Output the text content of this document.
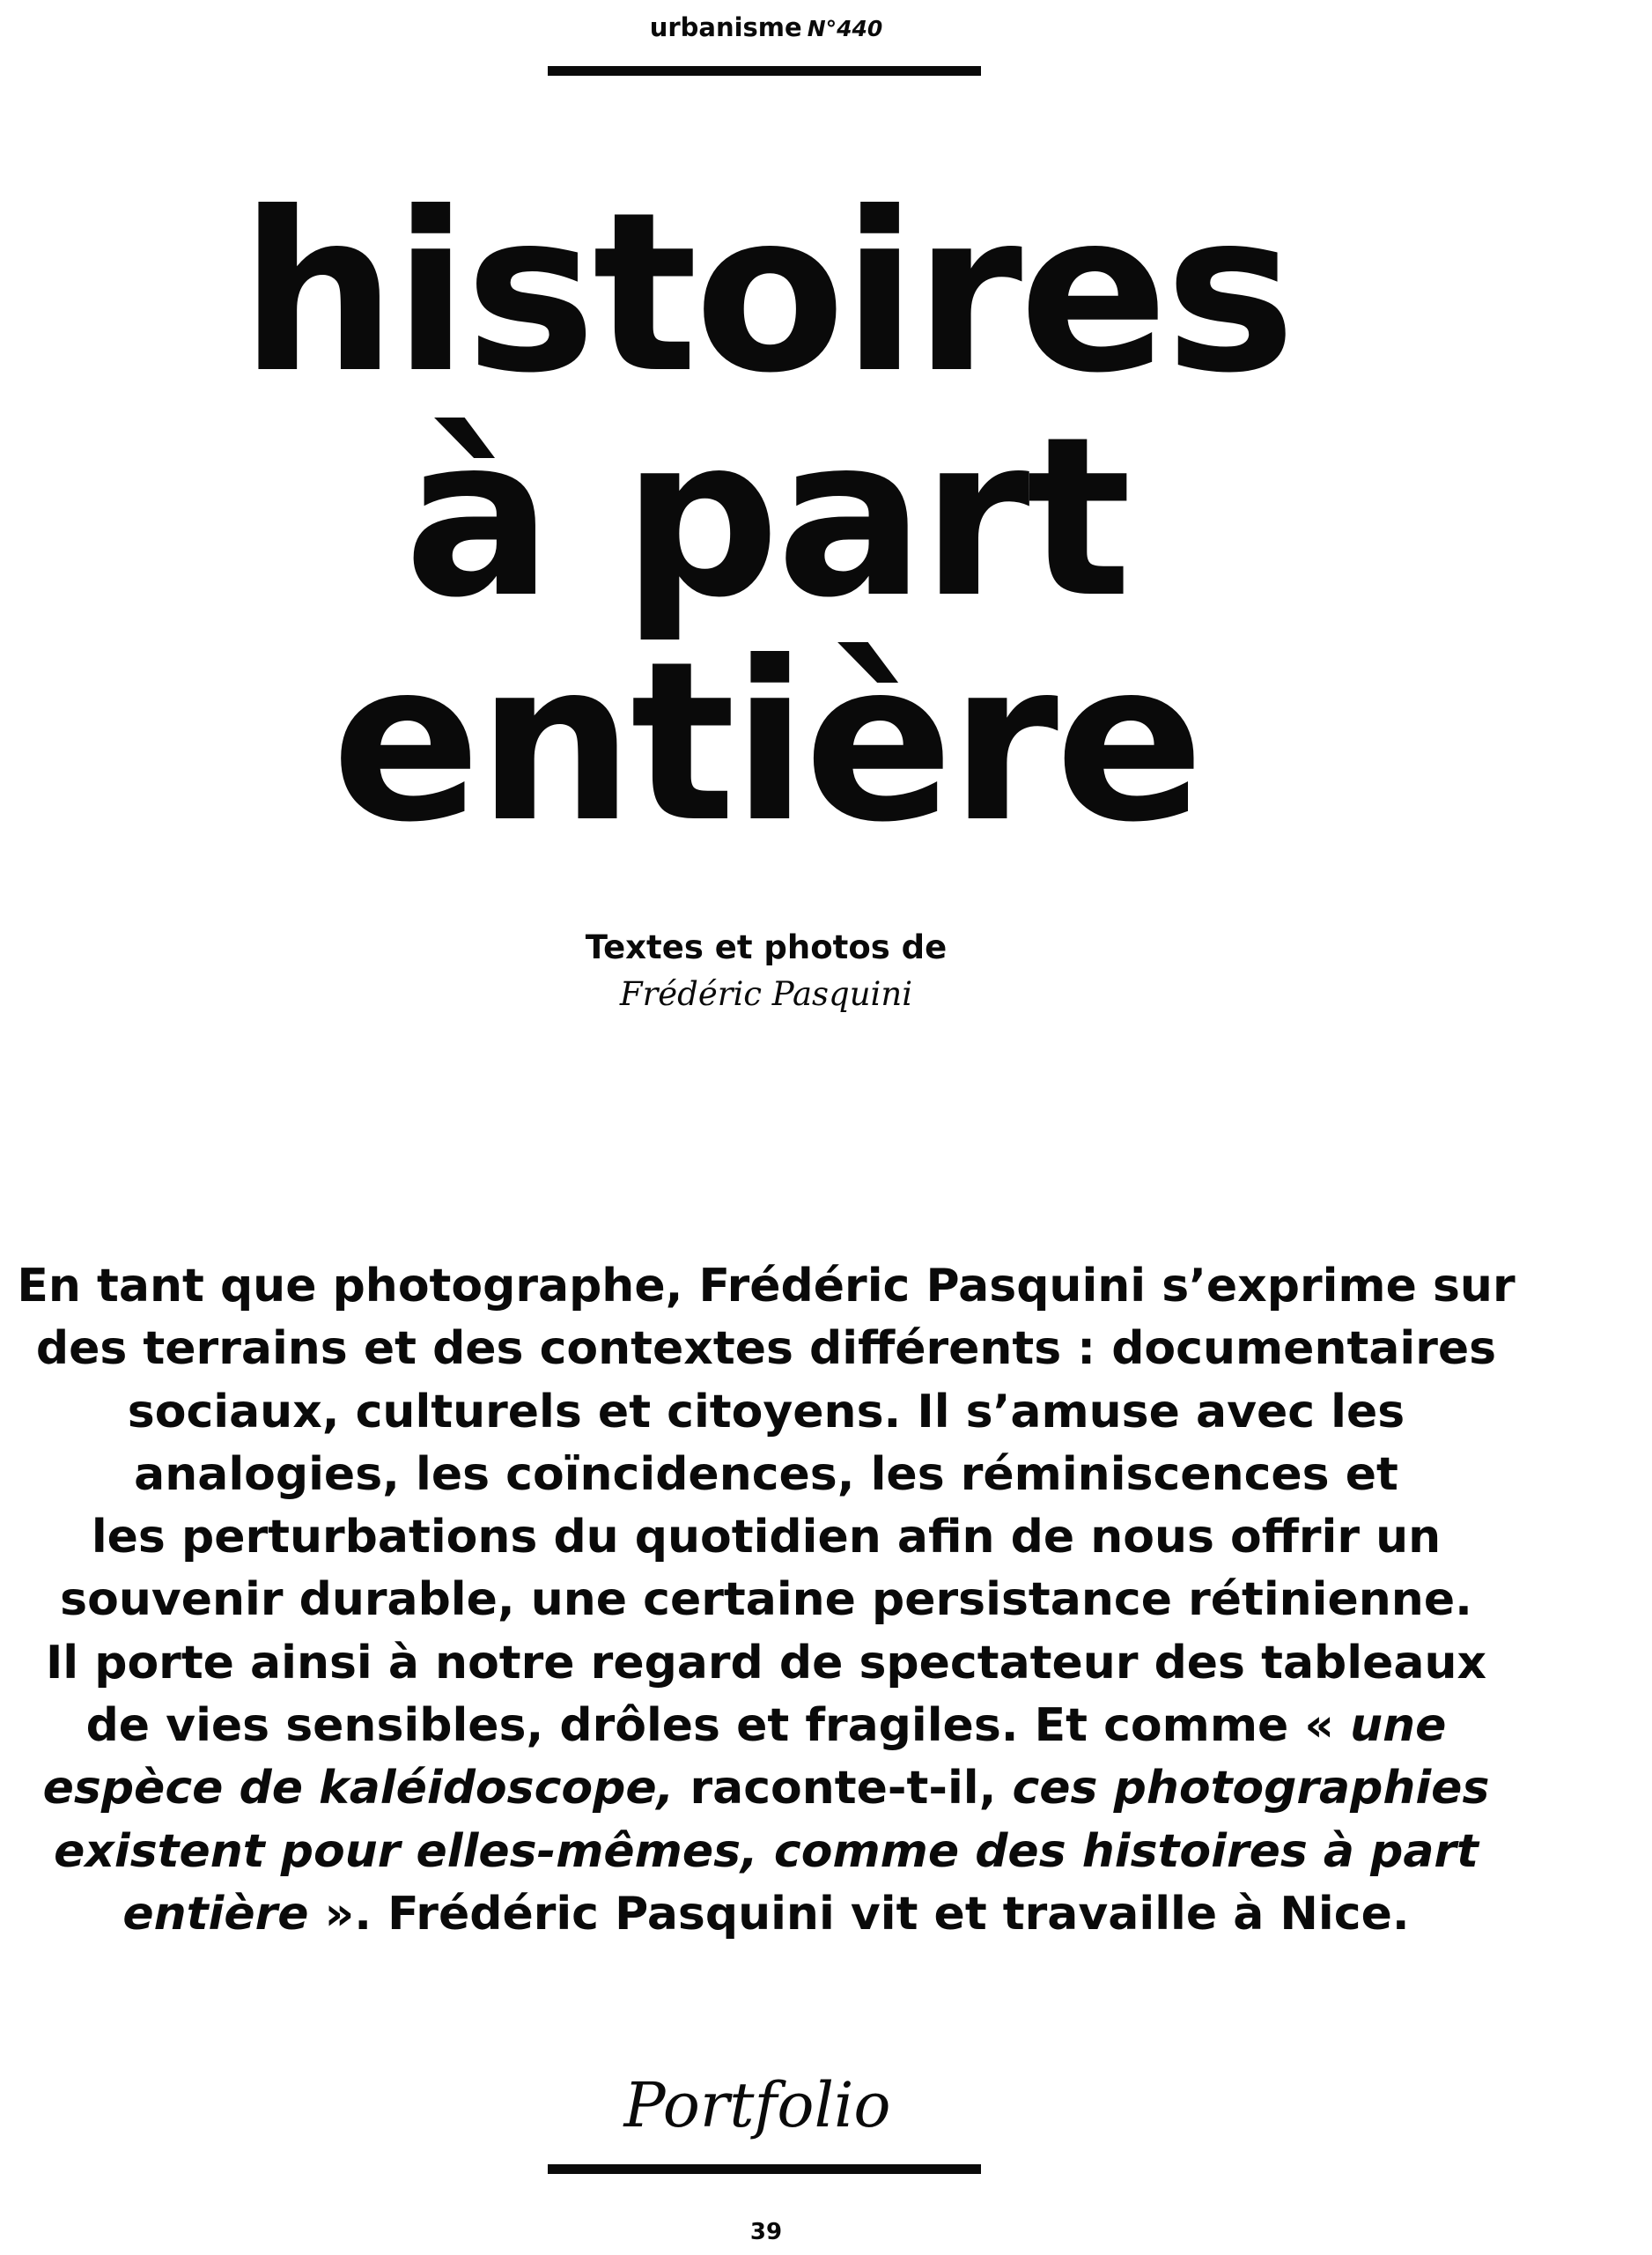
urbanisme N°440
histoires
à part
entière
Textes et photos de
Frédéric Pasquini
En tant que photographe, Frédéric Pasquini s’exprime sur
des terrains et des contextes différents : documentaires
sociaux, culturels et citoyens. Il s’amuse avec les
analogies, les coïncidences, les réminiscences et
les perturbations du quotidien afin de nous offrir un
souvenir durable, une certaine persistance rétinienne.
Il porte ainsi à notre regard de spectateur des tableaux
de vies sensibles, drôles et fragiles. Et comme « une
espèce de kaléidoscope, raconte-t-il, ces photographies
existent pour elles-mêmes, comme des histoires à part
entière ». Frédéric Pasquini vit et travaille à Nice.
Portfolio
39
